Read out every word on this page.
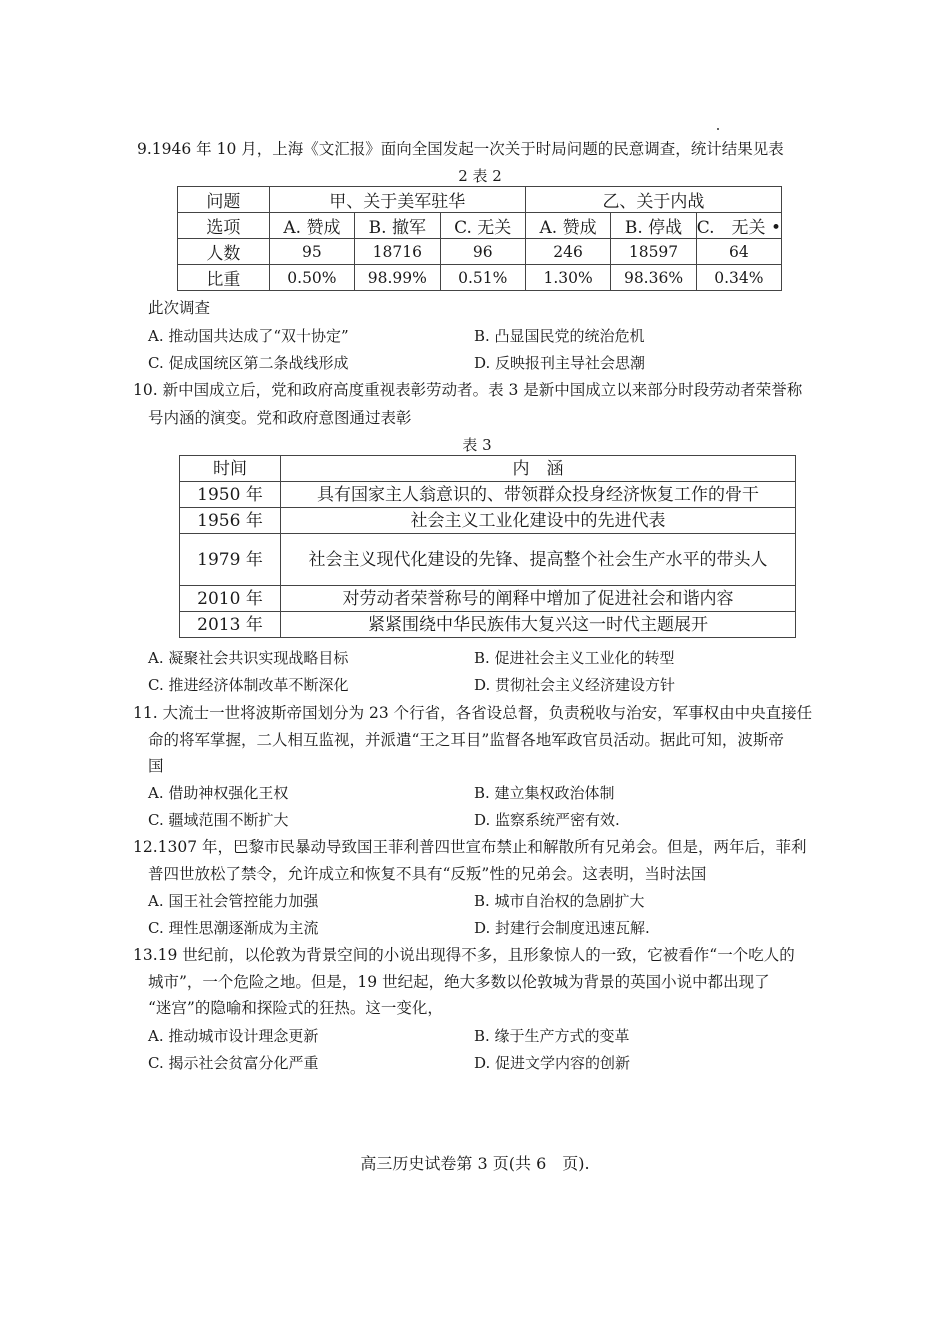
9.1946 年 10 月，上海《文汇报》面向全国发起一次关于时局问题的民意调查，统计结果见表
2 表 2
问题	甲、关于美军驻华			乙、关于内战		
选项	A. 赞成	B. 撤军	C. 无关	A. 赞成	B. 停战	C.　无关 •
人数	95	18716	96	246	18597	64
比重	0.50%	98.99%	0.51%	1.30%	98.36%	0.34%
此次调查
A. 推动国共达成了“双十协定”	B. 凸显国民党的统治危机
C. 促成国统区第二条战线形成	D. 反映报刊主导社会思潮
10. 新中国成立后，党和政府高度重视表彰劳动者。表 3 是新中国成立以来部分时段劳动者荣誉称
号内涵的演变。党和政府意图通过表彰
表 3
时间	内　涵
1950 年	具有国家主人翁意识的、带领群众投身经济恢复工作的骨干
1956 年	社会主义工业化建设中的先进代表
1979 年	社会主义现代化建设的先锋、提高整个社会生产水平的带头人
2010 年	对劳动者荣誉称号的阐释中增加了促进社会和谐内容
2013 年	紧紧围绕中华民族伟大复兴这一时代主题展开
A. 凝聚社会共识实现战略目标	B. 促进社会主义工业化的转型
C. 推进经济体制改革不断深化	D. 贯彻社会主义经济建设方针
11. 大流士一世将波斯帝国划分为 23 个行省，各省设总督，负责税收与治安，军事权由中央直接任
命的将军掌握，二人相互监视，并派遣“王之耳目”监督各地军政官员活动。据此可知，波斯帝
国
A. 借助神权强化王权	B. 建立集权政治体制
C. 疆域范围不断扩大	D. 监察系统严密有效.
12.1307 年，巴黎市民暴动导致国王菲利普四世宣布禁止和解散所有兄弟会。但是，两年后，菲利
普四世放松了禁令，允许成立和恢复不具有“反叛”性的兄弟会。这表明，当时法国
A. 国王社会管控能力加强	B. 城市自治权的急剧扩大
C. 理性思潮逐渐成为主流	D. 封建行会制度迅速瓦解.
13.19 世纪前，以伦敦为背景空间的小说出现得不多，且形象惊人的一致，它被看作“一个吃人的
城市”，一个危险之地。但是，19 世纪起，绝大多数以伦敦城为背景的英国小说中都出现了
“迷宫”的隐喻和探险式的狂热。这一变化，
A. 推动城市设计理念更新	B. 缘于生产方式的变革
C. 揭示社会贫富分化严重	D. 促进文学内容的创新
高三历史试卷第 3 页(共 6　页).
